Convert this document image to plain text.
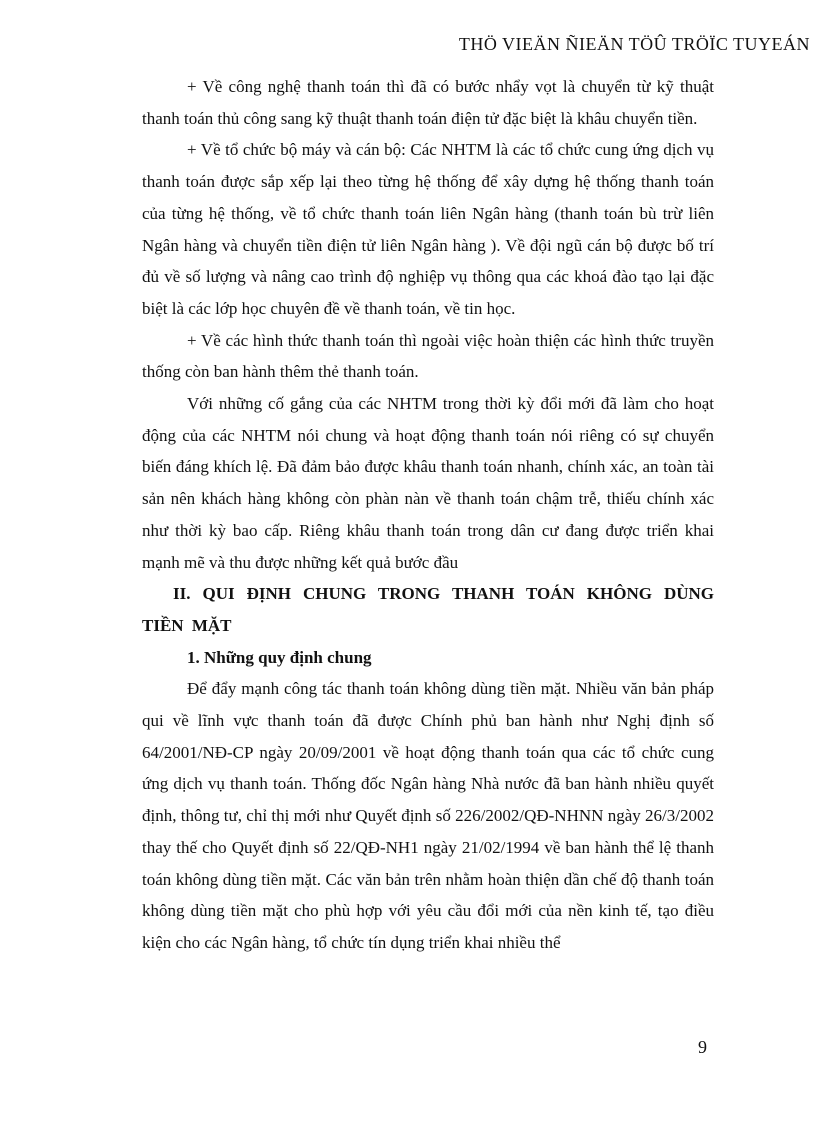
THÖ VIEÄN ÑIEÄN TÖÛ TRÖÏC TUYEÁN

+ Về công nghệ thanh toán thì đã có bước nhẩy vọt là chuyển từ kỹ thuật thanh toán thủ công sang kỹ thuật thanh toán điện tử đặc biệt là khâu chuyển tiền.

+ Về tổ chức bộ máy và cán bộ: Các NHTM là các tổ chức cung ứng dịch vụ thanh toán được sắp xếp lại theo từng hệ thống để xây dựng hệ thống thanh toán của từng hệ thống, về tổ chức thanh toán liên Ngân hàng (thanh toán bù trừ liên Ngân hàng và chuyển tiền điện tử liên Ngân hàng ). Về đội ngũ cán bộ được bố trí đủ về số lượng và nâng cao trình độ nghiệp vụ thông qua các khoá đào tạo lại đặc biệt là các lớp học chuyên đề về thanh toán, về tin học.

+ Về các hình thức thanh toán thì ngoài việc hoàn thiện các hình thức truyền thống còn ban hành thêm thẻ thanh toán.

Với những cố gắng của các NHTM trong thời kỳ đổi mới đã làm cho hoạt động của các NHTM nói chung và hoạt động thanh toán nói riêng có sự chuyển biến đáng khích lệ. Đã đảm bảo được khâu thanh toán nhanh, chính xác, an toàn tài sản nên khách hàng không còn phàn nàn về thanh toán chậm trễ, thiếu chính xác như thời kỳ bao cấp. Riêng khâu thanh toán trong dân cư đang được triển khai mạnh mẽ và thu được những kết quả bước đầu

II. QUI ĐỊNH CHUNG TRONG THANH TOÁN KHÔNG DÙNG TIỀN MẶT
1. Những quy định chung

Để đẩy mạnh công tác thanh toán không dùng tiền mặt. Nhiều văn bản pháp qui về lĩnh vực thanh toán đã được Chính phủ ban hành như Nghị định số 64/2001/NĐ-CP ngày 20/09/2001 về hoạt động thanh toán qua các tổ chức cung ứng dịch vụ thanh toán. Thống đốc Ngân hàng Nhà nước đã ban hành nhiều quyết định, thông tư, chỉ thị mới như Quyết định số 226/2002/QĐ-NHNN ngày 26/3/2002 thay thế cho Quyết định số 22/QĐ-NH1 ngày 21/02/1994 về ban hành thể lệ thanh toán không dùng tiền mặt. Các văn bản trên nhằm hoàn thiện dần chế độ thanh toán không dùng tiền mặt cho phù hợp với yêu cầu đổi mới của nền kinh tế, tạo điều kiện cho các Ngân hàng, tổ chức tín dụng triển khai nhiều thể

9
